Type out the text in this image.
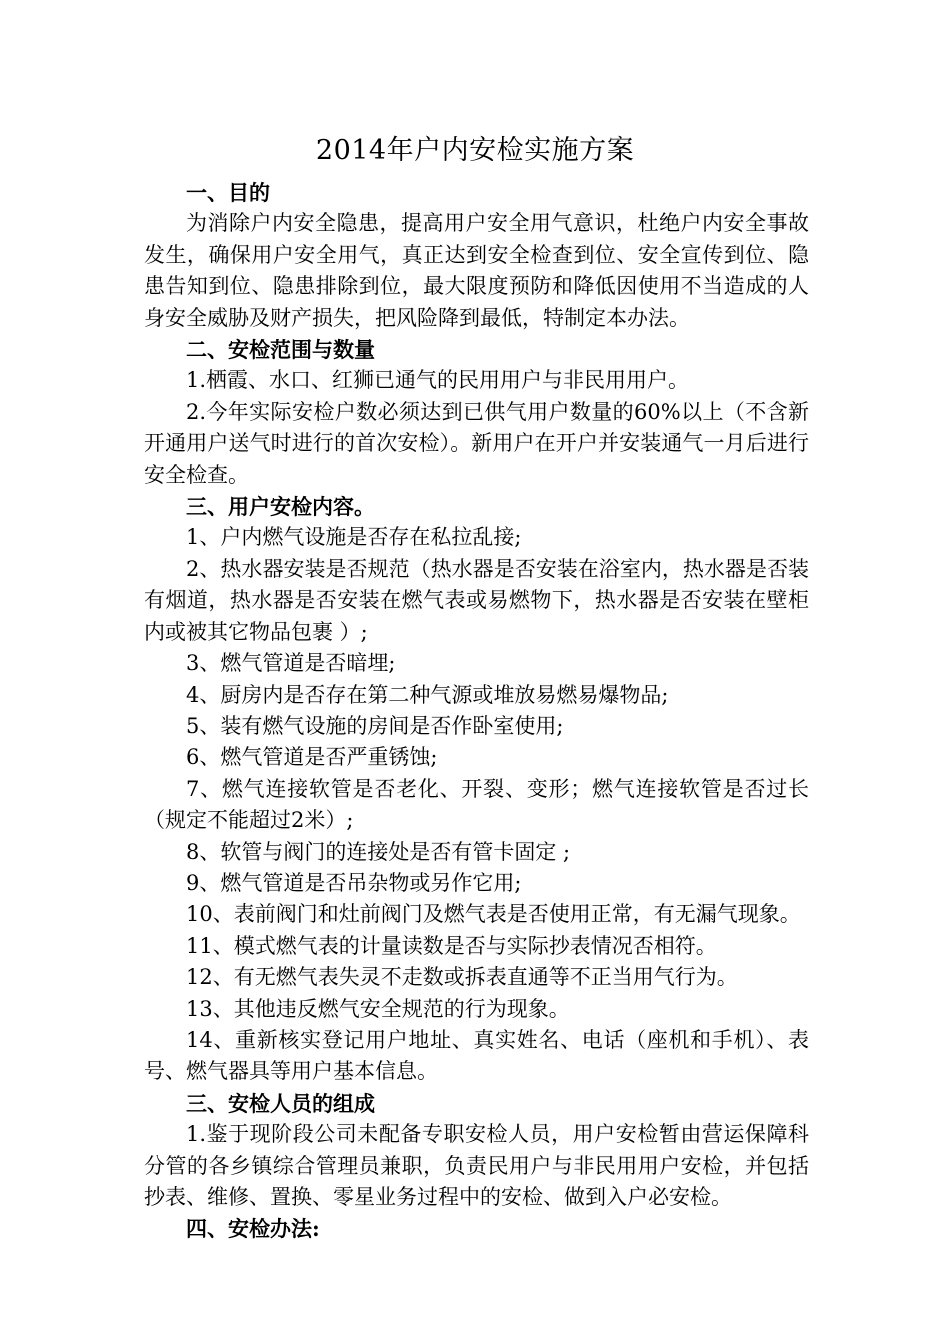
2014年户内安检实施方案

一、目的

为消除户内安全隐患，提高用户安全用气意识，杜绝户内安全事故发生，确保用户安全用气，真正达到安全检查到位、安全宣传到位、隐患告知到位、隐患排除到位，最大限度预防和降低因使用不当造成的人身安全威胁及财产损失，把风险降到最低，特制定本办法。

二、安检范围与数量

1.栖霞、水口、红狮已通气的民用用户与非民用用户。

2.今年实际安检户数必须达到已供气用户数量的60%以上（不含新开通用户送气时进行的首次安检）。新用户在开户并安装通气一月后进行安全检查。

三、用户安检内容。

1、户内燃气设施是否存在私拉乱接;

2、热水器安装是否规范（热水器是否安装在浴室内，热水器是否装有烟道，热水器是否安装在燃气表或易燃物下，热水器是否安装在壁柜内或被其它物品包裹 ）;

3、燃气管道是否暗埋;

4、厨房内是否存在第二种气源或堆放易燃易爆物品;

5、装有燃气设施的房间是否作卧室使用;

6、燃气管道是否严重锈蚀;

7、燃气连接软管是否老化、开裂、变形；燃气连接软管是否过长（规定不能超过2米）;

8、软管与阀门的连接处是否有管卡固定 ;

9、燃气管道是否吊杂物或另作它用;

10、表前阀门和灶前阀门及燃气表是否使用正常，有无漏气现象。

11、模式燃气表的计量读数是否与实际抄表情况否相符。

12、有无燃气表失灵不走数或拆表直通等不正当用气行为。

13、其他违反燃气安全规范的行为现象。

14、重新核实登记用户地址、真实姓名、电话（座机和手机）、表号、燃气器具等用户基本信息。

三、安检人员的组成

1.鉴于现阶段公司未配备专职安检人员，用户安检暂由营运保障科分管的各乡镇综合管理员兼职，负责民用户与非民用用户安检，并包括抄表、维修、置换、零星业务过程中的安检、做到入户必安检。

四、安检办法:
